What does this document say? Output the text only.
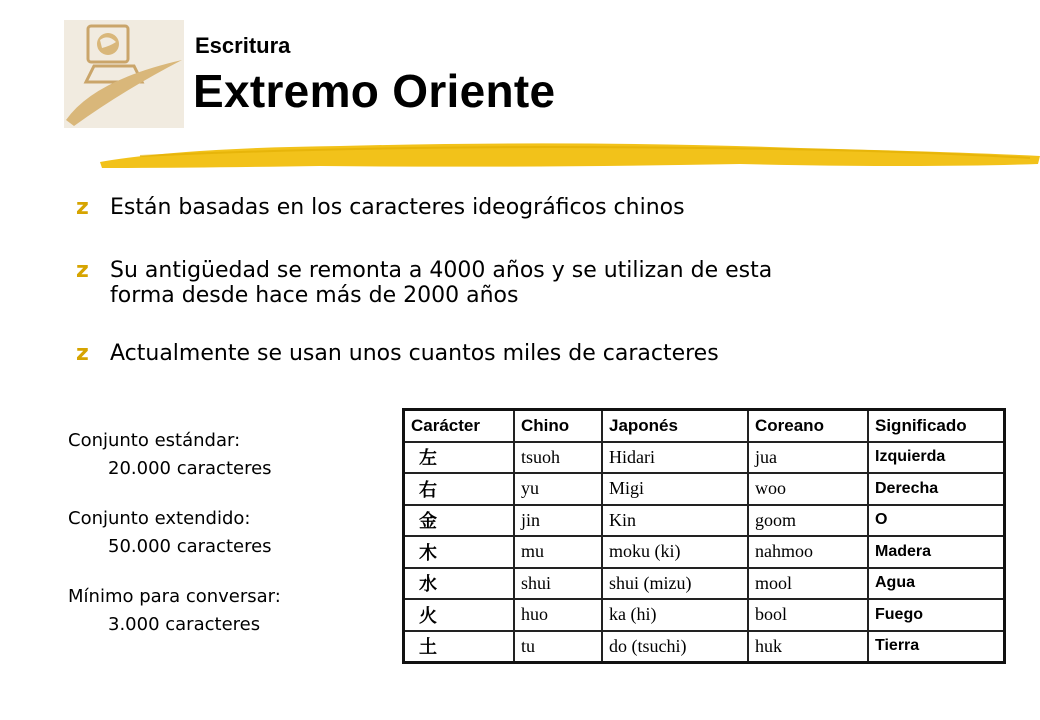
Escritura
Extremo Oriente
z Están basadas en los caracteres ideográficos chinos
z Su antigüedad se remonta a 4000 años y se utilizan de esta
forma desde hace más de 2000 años
z Actualmente se usan unos cuantos miles de caracteres
Conjunto estándar:
20.000 caracteres
Conjunto extendido:
50.000 caracteres
Mínimo para conversar:
3.000 caracteres
Carácter	Chino	Japonés	Coreano	Significado
左	tsuoh	Hidari	jua	Izquierda
右	yu	Migi	woo	Derecha
金	jin	Kin	goom	O
木	mu	moku (ki)	nahmoo	Madera
水	shui	shui (mizu)	mool	Agua
火	huo	ka (hi)	bool	Fuego
土	tu	do (tsuchi)	huk	Tierra
